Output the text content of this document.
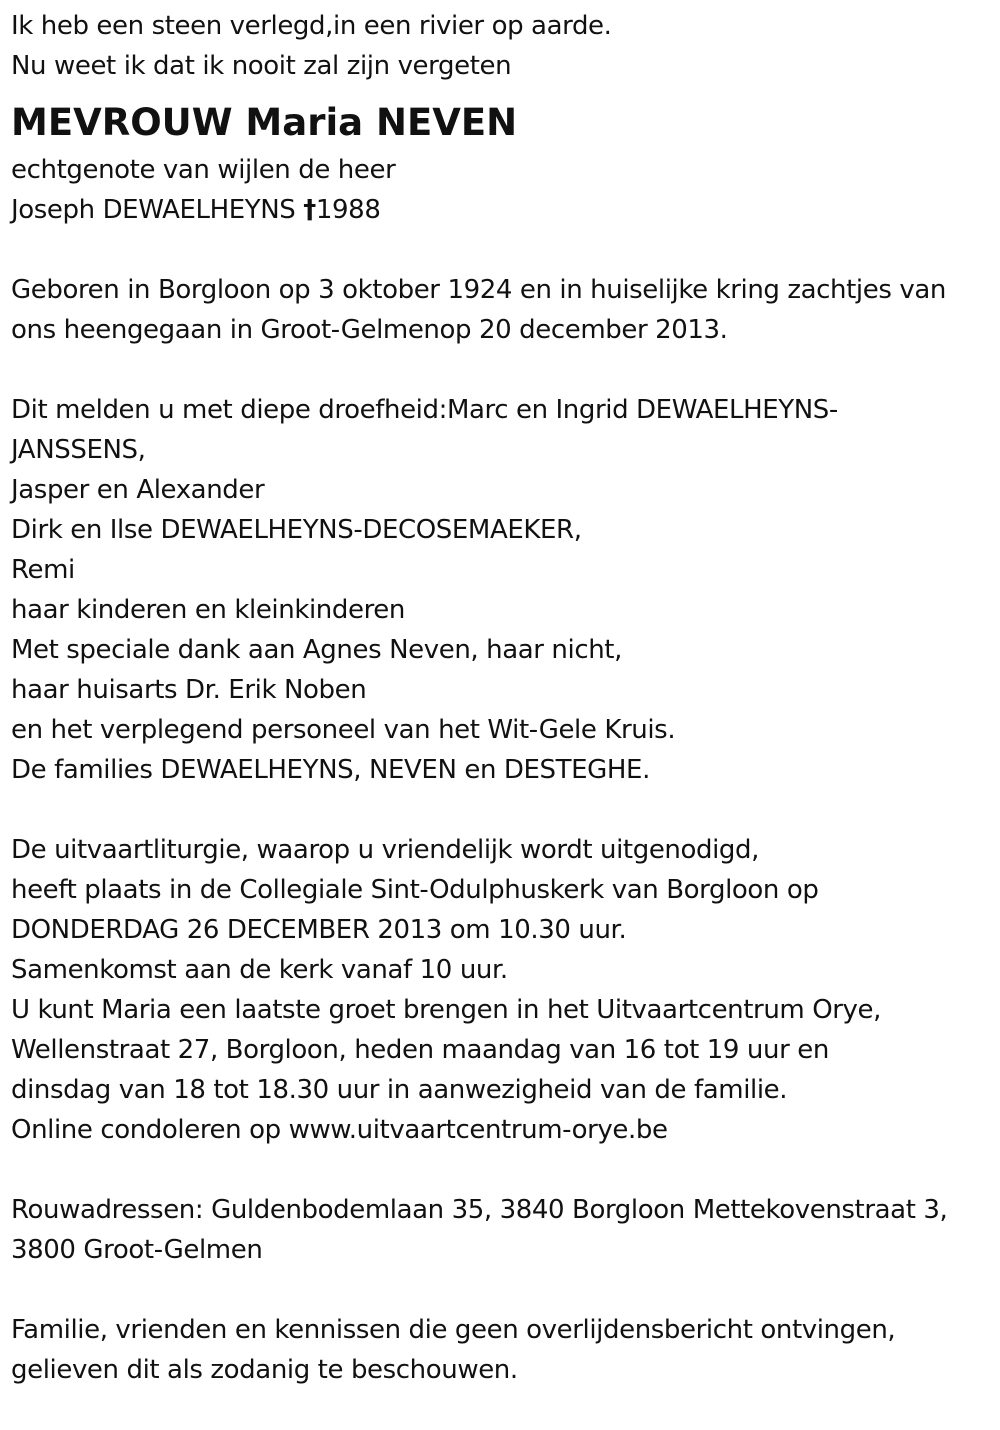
Ik heb een steen verlegd,in een rivier op aarde.
Nu weet ik dat ik nooit zal zijn vergeten
MEVROUW Maria NEVEN
echtgenote van wijlen de heer
Joseph DEWAELHEYNS †1988
Geboren in Borgloon op 3 oktober 1924 en in huiselijke kring zachtjes van
ons heengegaan in Groot-Gelmenop 20 december 2013.
Dit melden u met diepe droefheid:Marc en Ingrid DEWAELHEYNS-
JANSSENS,
Jasper en Alexander
Dirk en Ilse DEWAELHEYNS-DECOSEMAEKER,
Remi
haar kinderen en kleinkinderen
Met speciale dank aan Agnes Neven, haar nicht,
haar huisarts Dr. Erik Noben
en het verplegend personeel van het Wit-Gele Kruis.
De families DEWAELHEYNS, NEVEN en DESTEGHE.
De uitvaartliturgie, waarop u vriendelijk wordt uitgenodigd,
heeft plaats in de Collegiale Sint-Odulphuskerk van Borgloon op
DONDERDAG 26 DECEMBER 2013 om 10.30 uur.
Samenkomst aan de kerk vanaf 10 uur.
U kunt Maria een laatste groet brengen in het Uitvaartcentrum Orye,
Wellenstraat 27, Borgloon, heden maandag van 16 tot 19 uur en
dinsdag van 18 tot 18.30 uur in aanwezigheid van de familie.
Online condoleren op www.uitvaartcentrum-orye.be
Rouwadressen: Guldenbodemlaan 35, 3840 Borgloon Mettekovenstraat 3,
3800 Groot-Gelmen
Familie, vrienden en kennissen die geen overlijdensbericht ontvingen,
gelieven dit als zodanig te beschouwen.
